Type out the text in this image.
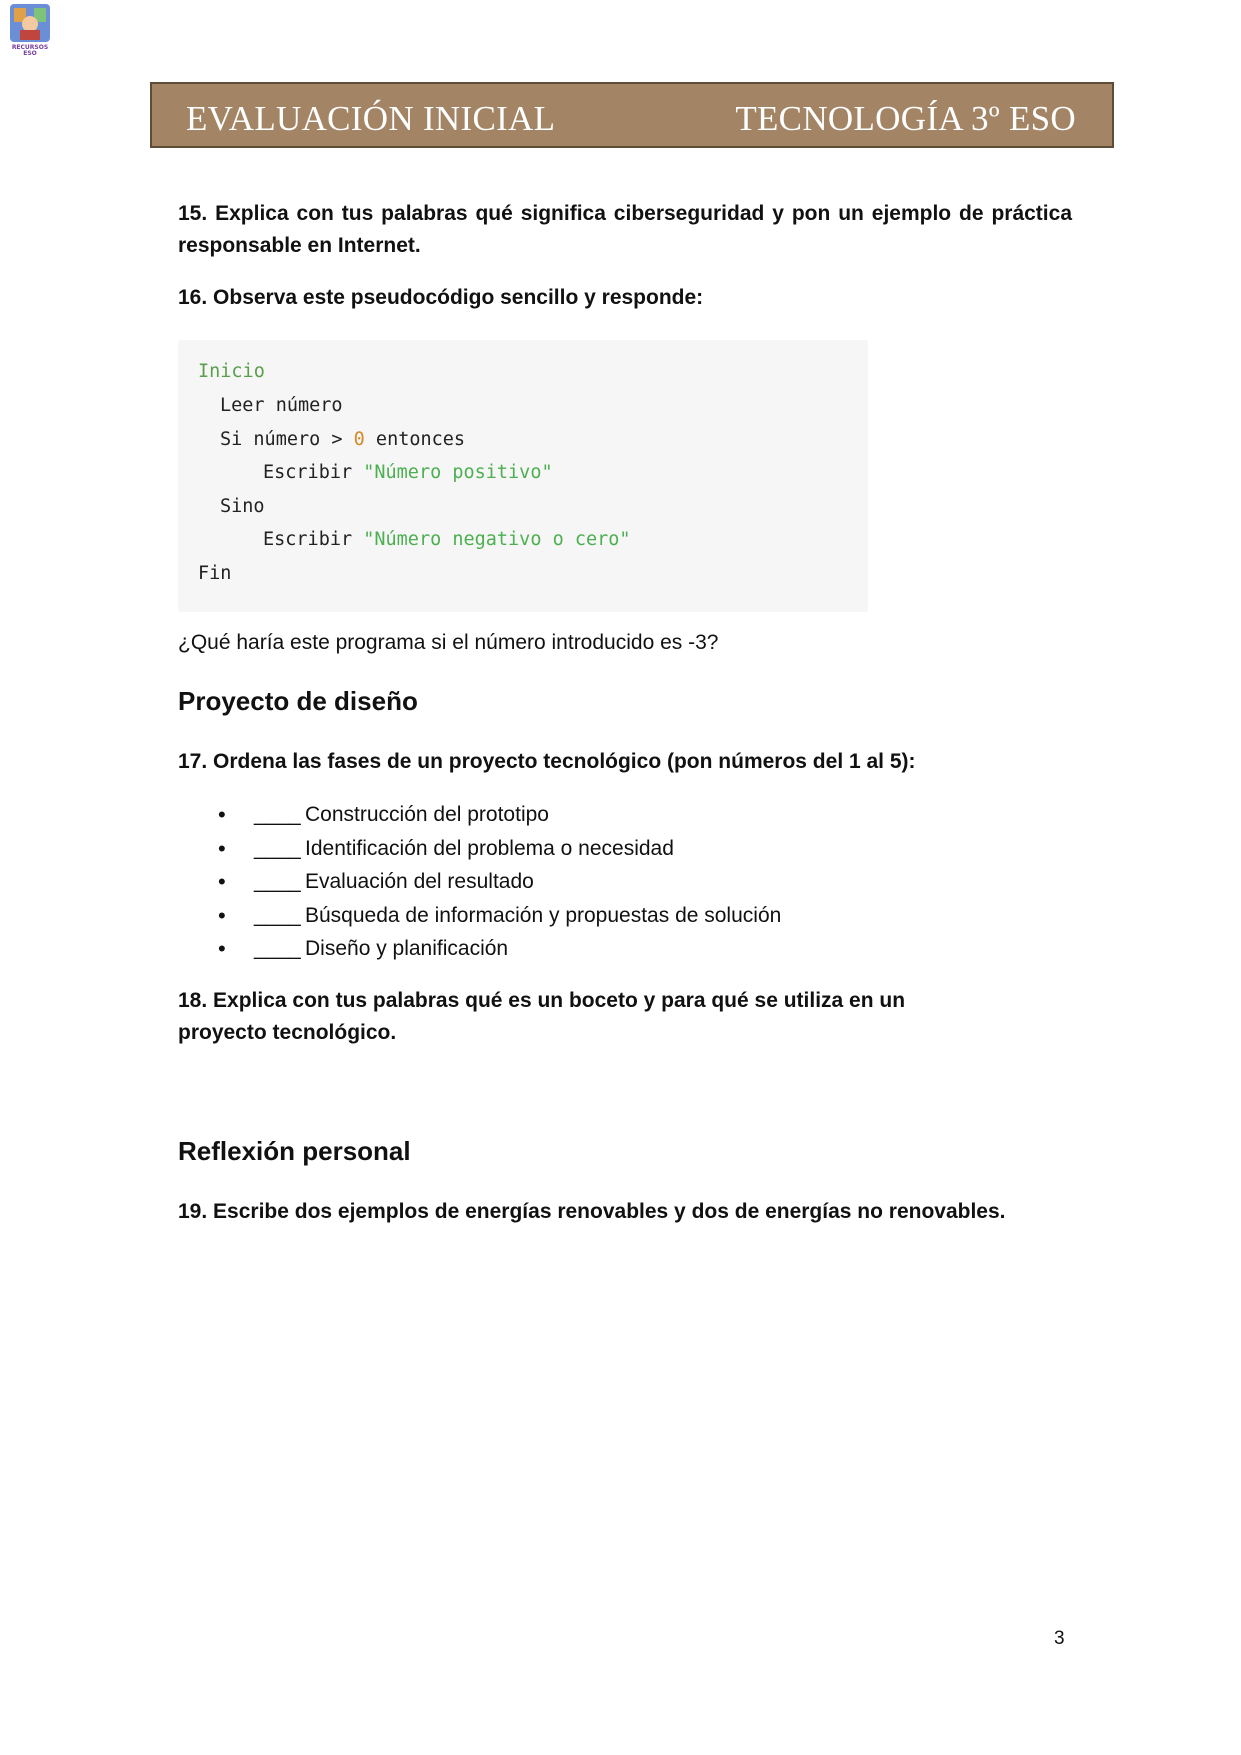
RECURSOS
ESO
EVALUACIÓN INICIAL	TECNOLOGÍA 3º ESO

15. Explica con tus palabras qué significa ciberseguridad y pon un ejemplo de práctica responsable en Internet.

16. Observa este pseudocódigo sencillo y responde:

Inicio
Leer número
Si número > 0 entonces
Escribir "Número positivo"
Sino
Escribir "Número negativo o cero"
Fin

¿Qué haría este programa si el número introducido es -3?

Proyecto de diseño

17. Ordena las fases de un proyecto tecnológico (pon números del 1 al 5):

• ____ Construcción del prototipo
• ____ Identificación del problema o necesidad
• ____ Evaluación del resultado
• ____ Búsqueda de información y propuestas de solución
• ____ Diseño y planificación

18. Explica con tus palabras qué es un boceto y para qué se utiliza en un proyecto tecnológico.

Reflexión personal

19. Escribe dos ejemplos de energías renovables y dos de energías no renovables.

3
